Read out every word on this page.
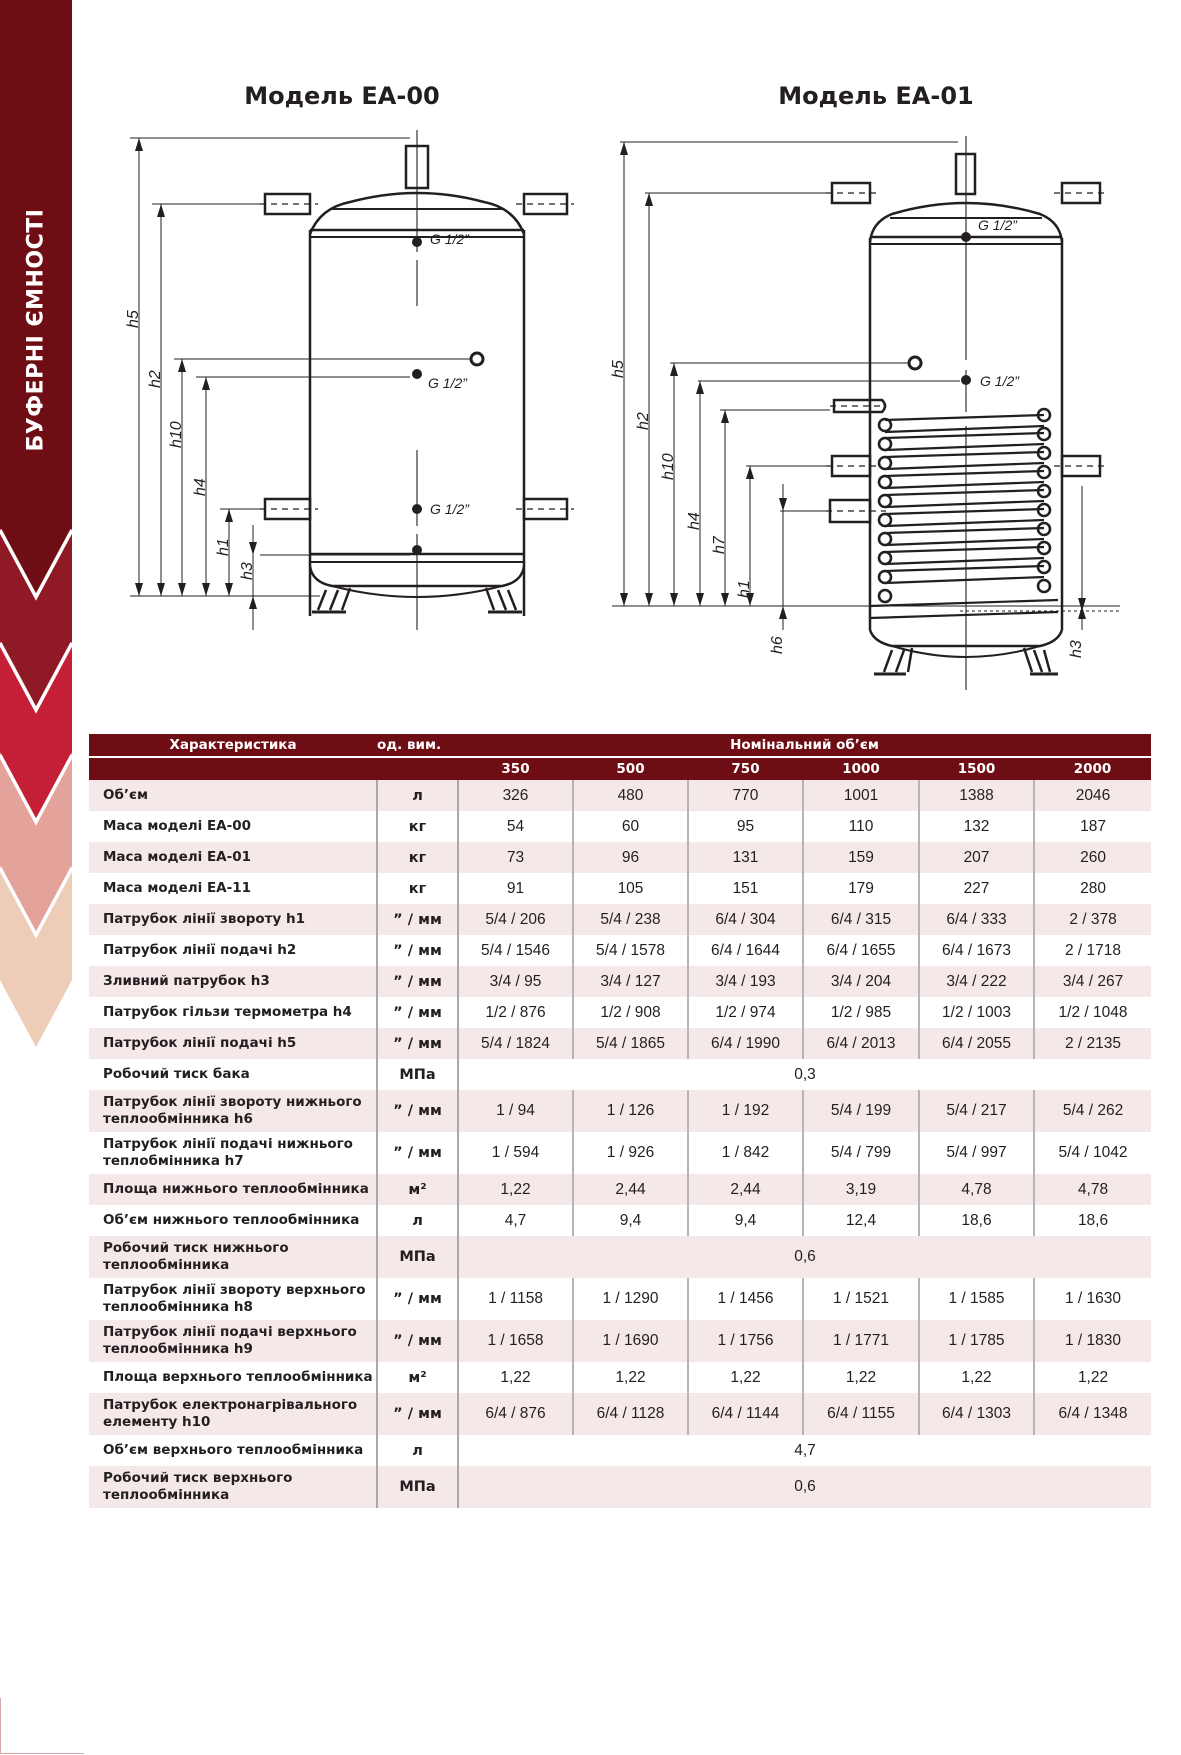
БУФЕРНІ ЄМНОСТІ
Модель ЕА-00	Модель ЕА-01
G 1/2”
G 1/2”
G 1/2”
h5
h2
h10
h4
h1
h3
G 1/2”
G 1/2”
h5
h2
h10
h4
h7
h1
h6	h3
Характеристика	од. вим.	Номінальний об’єм					
		350	500	750	1000	1500	2000
Об’єм	л	326	480	770	1001	1388	2046
Маса моделі ЕА-00	кг	54	60	95	110	132	187
Маса моделі ЕА-01	кг	73	96	131	159	207	260
Маса моделі ЕА-11	кг	91	105	151	179	227	280
Патрубок лінії звороту h1	” / мм	5/4 / 206	5/4 / 238	6/4 / 304	6/4 / 315	6/4 / 333	2 / 378
Патрубок лінії подачі h2	” / мм	5/4 / 1546	5/4 / 1578	6/4 / 1644	6/4 / 1655	6/4 / 1673	2 / 1718
Зливний патрубок h3	” / мм	3/4 / 95	3/4 / 127	3/4 / 193	3/4 / 204	3/4 / 222	3/4 / 267
Патрубок гільзи термометра h4	” / мм	1/2 / 876	1/2 / 908	1/2 / 974	1/2 / 985	1/2 / 1003	1/2 / 1048
Патрубок лінії подачі h5	” / мм	5/4 / 1824	5/4 / 1865	6/4 / 1990	6/4 / 2013	6/4 / 2055	2 / 2135
Робочий тиск бака	МПа	0,3					
Патрубок лінії звороту нижнього теплообмінника h6	” / мм	1 / 94	1 / 126	1 / 192	5/4 / 199	5/4 / 217	5/4 / 262
Патрубок лінії подачі нижнього теплобмінника h7	” / мм	1 / 594	1 / 926	1 / 842	5/4 / 799	5/4 / 997	5/4 / 1042
Площа нижнього теплообмінника	м²	1,22	2,44	2,44	3,19	4,78	4,78
Об’єм нижнього теплообмінника	л	4,7	9,4	9,4	12,4	18,6	18,6
Робочий тиск нижнього теплообмінника	МПа	0,6					
Патрубок лінії звороту верхнього теплообмінника h8	” / мм	1 / 1158	1 / 1290	1 / 1456	1 / 1521	1 / 1585	1 / 1630
Патрубок лінії подачі верхнього теплообмінника h9	” / мм	1 / 1658	1 / 1690	1 / 1756	1 / 1771	1 / 1785	1 / 1830
Площа верхнього теплообмінника	м²	1,22	1,22	1,22	1,22	1,22	1,22
Патрубок електронагрівального елементу h10	” / мм	6/4 / 876	6/4 / 1128	6/4 / 1144	6/4 / 1155	6/4 / 1303	6/4 / 1348
Об’єм верхнього теплообмінника	л	4,7					
Робочий тиск верхнього теплообмінника	МПа	0,6					
